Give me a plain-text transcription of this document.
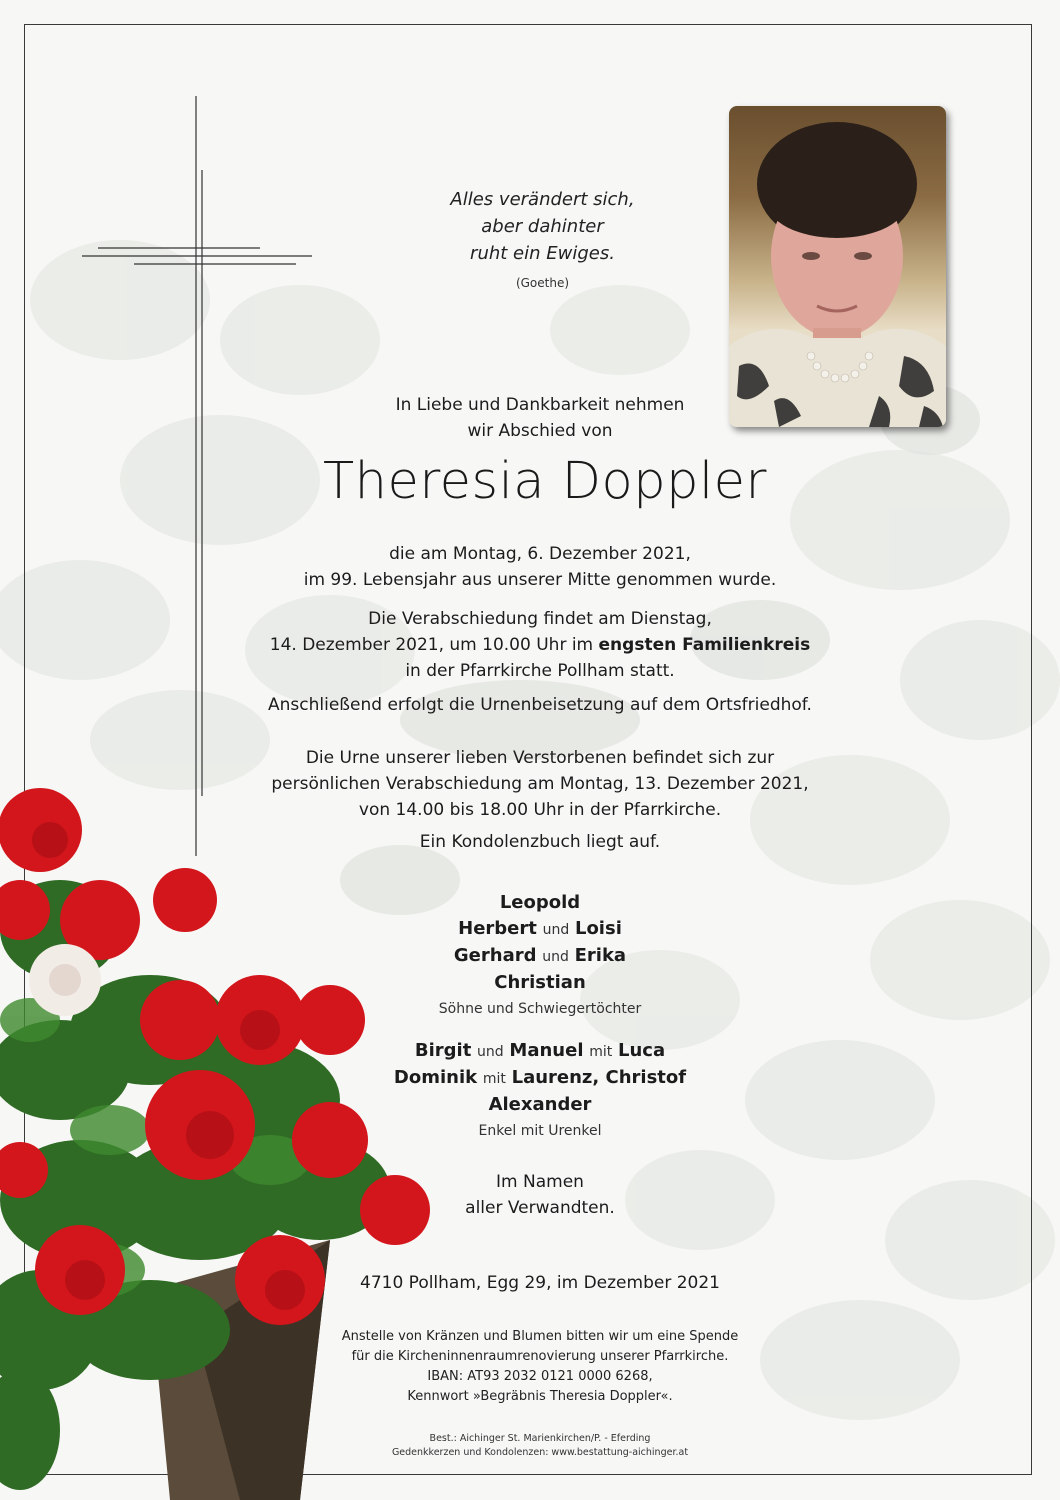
Alles verändert sich,
aber dahinter
ruht ein Ewiges.
(Goethe)
In Liebe und Dankbarkeit nehmen
wir Abschied von
Theresia Doppler
die am Montag, 6. Dezember 2021,
im 99. Lebensjahr aus unserer Mitte genommen wurde.
Die Verabschiedung findet am Dienstag,
14. Dezember 2021, um 10.00 Uhr im engsten Familienkreis
in der Pfarrkirche Pollham statt.
Anschließend erfolgt die Urnenbeisetzung auf dem Ortsfriedhof.
Die Urne unserer lieben Verstorbenen befindet sich zur
persönlichen Verabschiedung am Montag, 13. Dezember 2021,
von 14.00 bis 18.00 Uhr in der Pfarrkirche.
Ein Kondolenzbuch liegt auf.
Leopold
Herbert und Loisi
Gerhard und Erika
Christian
Söhne und Schwiegertöchter
Birgit und Manuel mit Luca
Dominik mit Laurenz, Christof
Alexander
Enkel mit Urenkel
Im Namen
aller Verwandten.
4710 Pollham, Egg 29, im Dezember 2021
Anstelle von Kränzen und Blumen bitten wir um eine Spende
für die Kircheninnenraumrenovierung unserer Pfarrkirche.
IBAN: AT93 2032 0121 0000 6268,
Kennwort »Begräbnis Theresia Doppler«.
Best.: Aichinger St. Marienkirchen/P. - Eferding
Gedenkkerzen und Kondolenzen: www.bestattung-aichinger.at
